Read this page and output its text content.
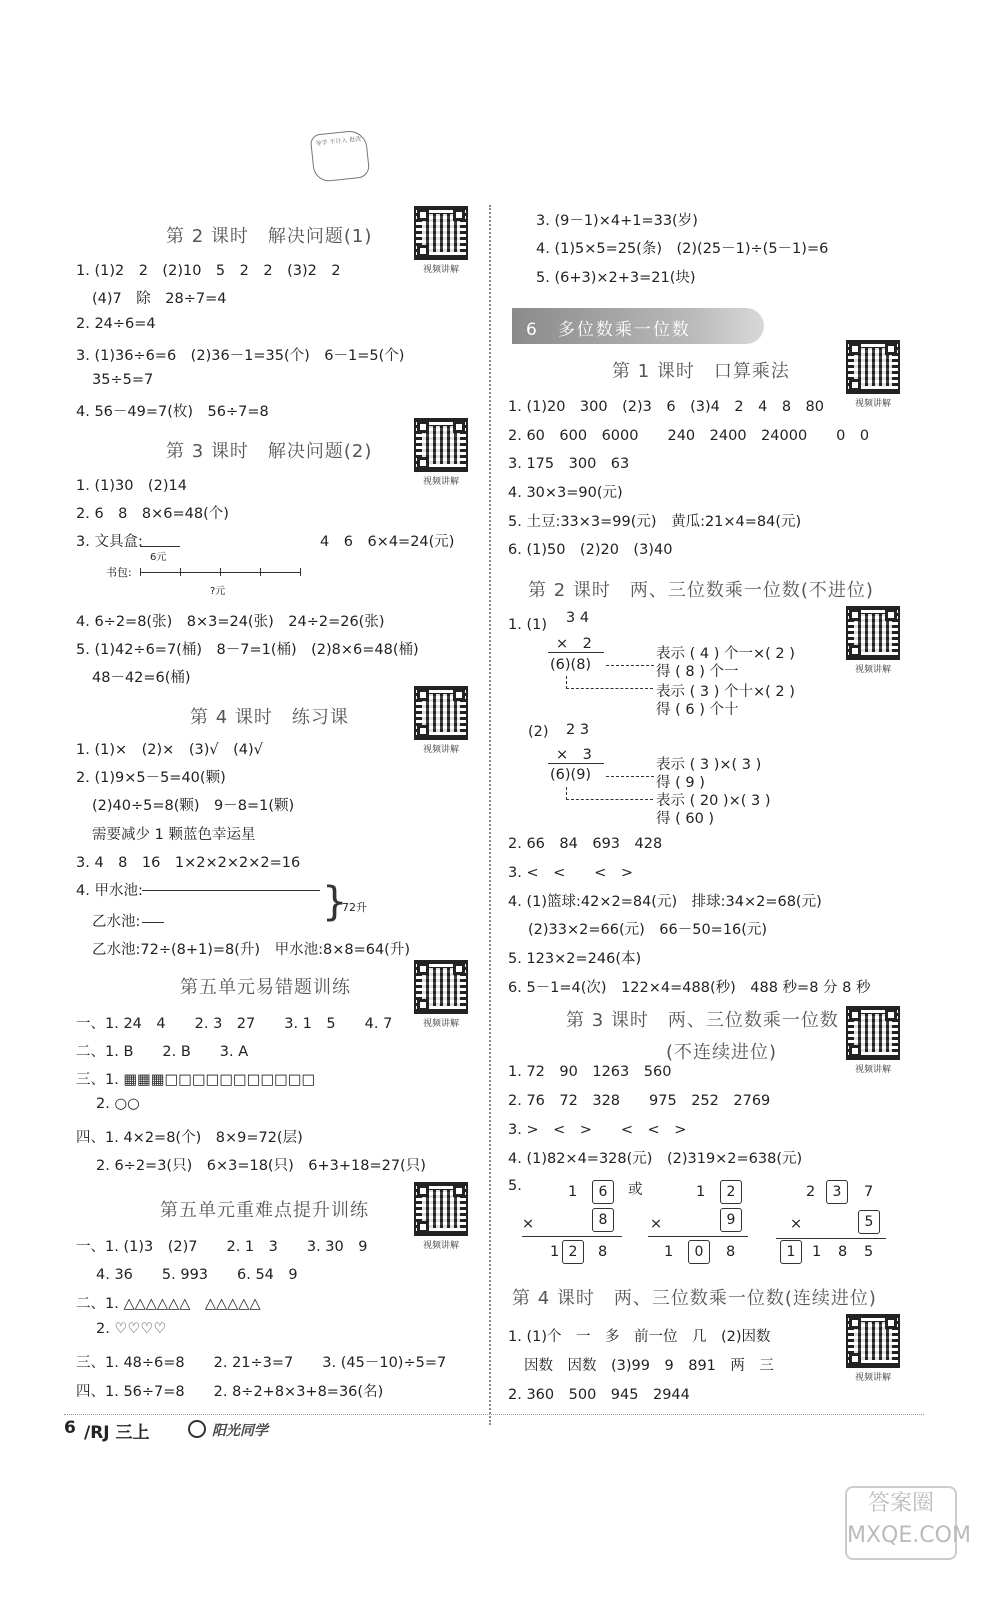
导学 不计入 批改
第 2 课时　解决问题(1)
视频讲解
1. (1)2　2　(2)10　5　2　2　(3)2　2
(4)7　除　28÷7=4
2. 24÷6=4
3. (1)36÷6=6　(2)36－1=35(个)　6－1=5(个)
35÷5=7
4. 56－49=7(枚)　56÷7=8
第 3 课时　解决问题(2)
视频讲解
1. (1)30　(2)14
2. 6　8　8×6=48(个)
3. 文具盒:
6元
4　6　6×4=24(元)
书包:
?元
4. 6÷2=8(张)　8×3=24(张)　24÷2=26(张)
5. (1)42÷6=7(桶)　8－7=1(桶)　(2)8×6=48(桶)
48－42=6(桶)
第 4 课时　练习课
视频讲解
1. (1)×　(2)×　(3)√　(4)√
2. (1)9×5－5=40(颗)
(2)40÷5=8(颗)　9－8=1(颗)
需要减少 1 颗蓝色幸运星
3. 4　8　16　1×2×2×2×2=16
4. 甲水池:
乙水池:	}
72升
乙水池:72÷(8+1)=8(升)　甲水池:8×8=64(升)
第五单元易错题训练
视频讲解
一、1. 24　4　　2. 3　27　　3. 1　5　　4. 7
二、1. B　　2. B　　3. A
三、1. ▦▦▦□□□□□□□□□□□
2. ○○
四、1. 4×2=8(个)　8×9=72(层)
2. 6÷2=3(只)　6×3=18(只)　6+3+18=27(只)
第五单元重难点提升训练
视频讲解
一、1. (1)3　(2)7　　2. 1　3　　3. 30　9
4. 36　　5. 993　　6. 54　9
二、1. △△△△△△　△△△△△
2. ♡♡♡♡
三、1. 48÷6=8　　2. 21÷3=7　　3. (45－10)÷5=7
四、1. 56÷7=8　　2. 8÷2+8×3+8=36(名)
3. (9－1)×4+1=33(岁)
4. (1)5×5=25(条)　(2)(25－1)÷(5－1)=6
5. (6+3)×2+3=21(块)
6　多位数乘一位数
第 1 课时　口算乘法
视频讲解
1. (1)20　300　(2)3　6　(3)4　2　4　8　80
2. 60　600　6000　　240　2400　24000　　0　0
3. 175　300　63
4. 30×3=90(元)
5. 土豆:33×3=99(元)　黄瓜:21×4=84(元)
6. (1)50　(2)20　(3)40
第 2 课时　两、三位数乘一位数(不进位)
视频讲解
1. (1) 3 4
×　2
(6)(8)
表示 ( 4 ) 个一×( 2 )
得 ( 8 ) 个一
表示 ( 3 ) 个十×( 2 )
得 ( 6 ) 个十
(2) 2 3
×　3
(6)(9)
表示 ( 3 )×( 3 )
得 ( 9 )
表示 ( 20 )×( 3 )
得 ( 60 )
2. 66　84　693　428
3. <　<　　<　>
4. (1)篮球:42×2=84(元)　排球:34×2=68(元)
(2)33×2=66(元)　66－50=16(元)
5. 123×2=246(本)
6. 5－1=4(次)　122×4=488(秒)　488 秒=8 分 8 秒
第 3 课时　两、三位数乘一位数
(不连续进位)
视频讲解
1. 72　90　1263　560
2. 76　72　328　　975　252　2769
3. >　<　>　　<　<　>
4. (1)82×4=328(元)　(2)319×2=638(元)
5.	1	6	或
×	8
1 2	8
1	2
×	9
1	0	8
2	3	7
×	5
1	1 8 5
第 4 课时　两、三位数乘一位数(连续进位)
视频讲解
1. (1)个　一　多　前一位　几　(2)因数
因数　因数　(3)99　9　891　两　三
2. 360　500　945　2944
6 /RJ 三上	阳光同学
答案圈 MXQE.COM
